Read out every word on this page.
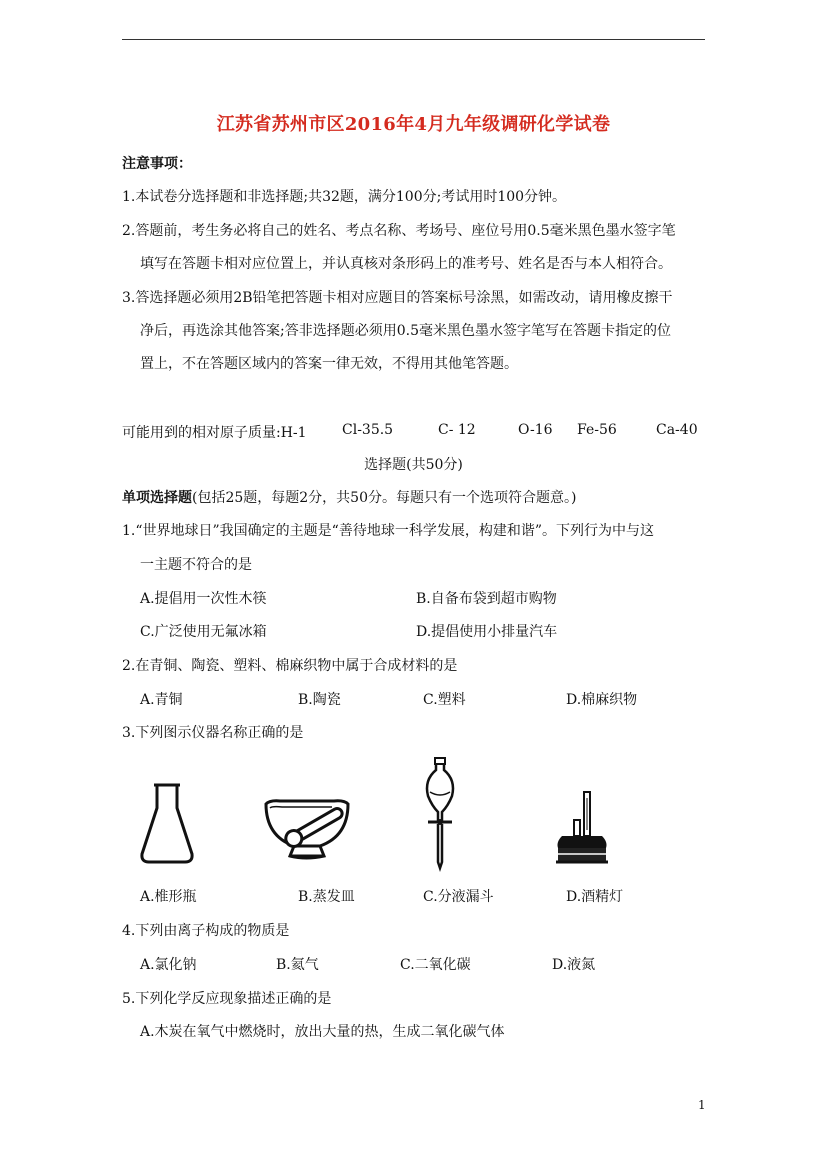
江苏省苏州市区2016年4月九年级调研化学试卷
注意事项：
1.本试卷分选择题和非选择题;共32题，满分100分;考试用时100分钟。
2.答题前，考生务必将自己的姓名、考点名称、考场号、座位号用0.5毫米黑色墨水签字笔
填写在答题卡相对应位置上，并认真核对条形码上的准考号、姓名是否与本人相符合。
3.答选择题必须用2B铅笔把答题卡相对应题目的答案标号涂黑，如需改动，请用橡皮擦干
净后，再选涂其他答案;答非选择题必须用0.5毫米黑色墨水签字笔写在答题卡指定的位
置上，不在答题区域内的答案一律无效，不得用其他笔答题。
可能用到的相对原子质量:H-1	Cl-35.5	C- 12	O-16 Fe-56	Ca-40
选择题(共50分)
单项选择题(包括25题，每题2分，共50分。每题只有一个选项符合题意。)
1.“世界地球日”我国确定的主题是“善待地球一科学发展，构建和谐”。下列行为中与这
一主题不符合的是
A.提倡用一次性木筷	B.自备布袋到超市购物
C.广泛使用无氟冰箱	D.提倡使用小排量汽车
2.在青铜、陶瓷、塑料、棉麻织物中属于合成材料的是
A.青铜	B.陶瓷	C.塑料	D.棉麻织物
3.下列图示仪器名称正确的是
A.椎形瓶	B.蒸发皿	C.分液漏斗	D.酒精灯
4.下列由离子构成的物质是
A.氯化钠	B.氦气	C.二氧化碳	D.液氮
5.下列化学反应现象描述正确的是
A.木炭在氧气中燃烧时，放出大量的热，生成二氧化碳气体
1
